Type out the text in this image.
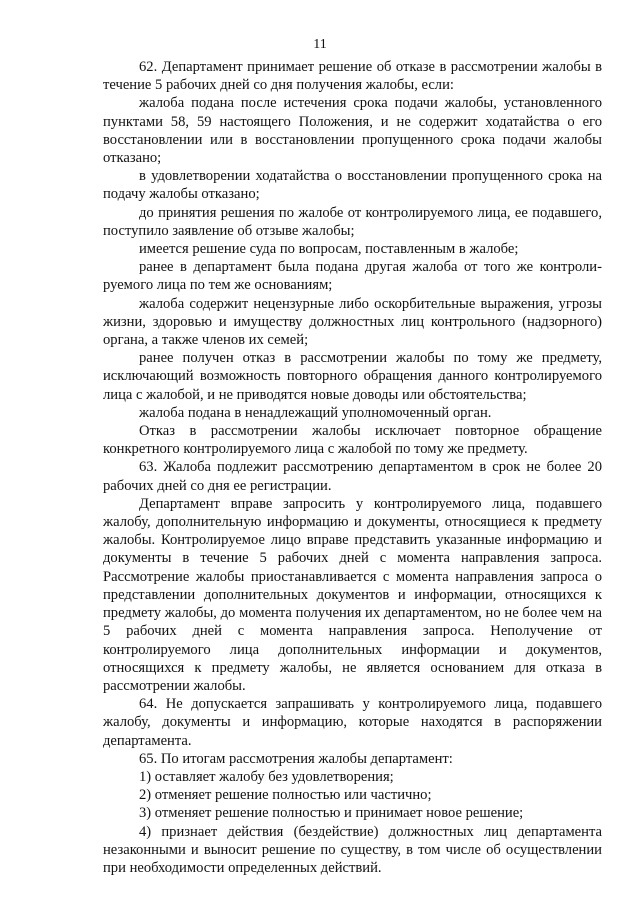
11

62. Департамент принимает решение об отказе в рассмотрении жалобы в течение 5 рабочих дней со дня получения жалобы, если:

жалоба подана после истечения срока подачи жалобы, установленного пунктами 58, 59 настоящего Положения, и не содержит ходатайства о его восстановлении или в восстановлении пропущенного срока подачи жалобы отказано;

в удовлетворении ходатайства о восстановлении пропущенного срока на подачу жалобы отказано;

до принятия решения по жалобе от контролируемого лица, ее подавшего, поступило заявление об отзыве жалобы;

имеется решение суда по вопросам, поставленным в жалобе;

ранее в департамент была подана другая жалоба от того же контролируемого лица по тем же основаниям;

жалоба содержит нецензурные либо оскорбительные выражения, угрозы жизни, здоровью и имуществу должностных лиц контрольного (надзорного) органа, а также членов их семей;

ранее получен отказ в рассмотрении жалобы по тому же предмету, исключающий возможность повторного обращения данного контролируемого лица с жалобой, и не приводятся новые доводы или обстоятельства;

жалоба подана в ненадлежащий уполномоченный орган.

Отказ в рассмотрении жалобы исключает повторное обращение конкретного контролируемого лица с жалобой по тому же предмету.

63. Жалоба подлежит рассмотрению департаментом в срок не более 20 рабочих дней со дня ее регистрации.

Департамент вправе запросить у контролируемого лица, подавшего жалобу, дополнительную информацию и документы, относящиеся к предмету жалобы. Контролируемое лицо вправе представить указанные информацию и документы в течение 5 рабочих дней с момента направления запроса. Рассмотрение жалобы приостанавливается с момента направления запроса о представлении дополнительных документов и информации, относящихся к предмету жалобы, до момента получения их департаментом, но не более чем на 5 рабочих дней с момента направления запроса. Неполучение от контролируемого лица дополнительных информации и документов, относящихся к предмету жалобы, не является основанием для отказа в рассмотрении жалобы.

64. Не допускается запрашивать у контролируемого лица, подавшего жалобу, документы и информацию, которые находятся в распоряжении департамента.

65. По итогам рассмотрения жалобы департамент:

1) оставляет жалобу без удовлетворения;

2) отменяет решение полностью или частично;

3) отменяет решение полностью и принимает новое решение;

4) признает действия (бездействие) должностных лиц департамента незаконными и выносит решение по существу, в том числе об осуществлении при необходимости определенных действий.
